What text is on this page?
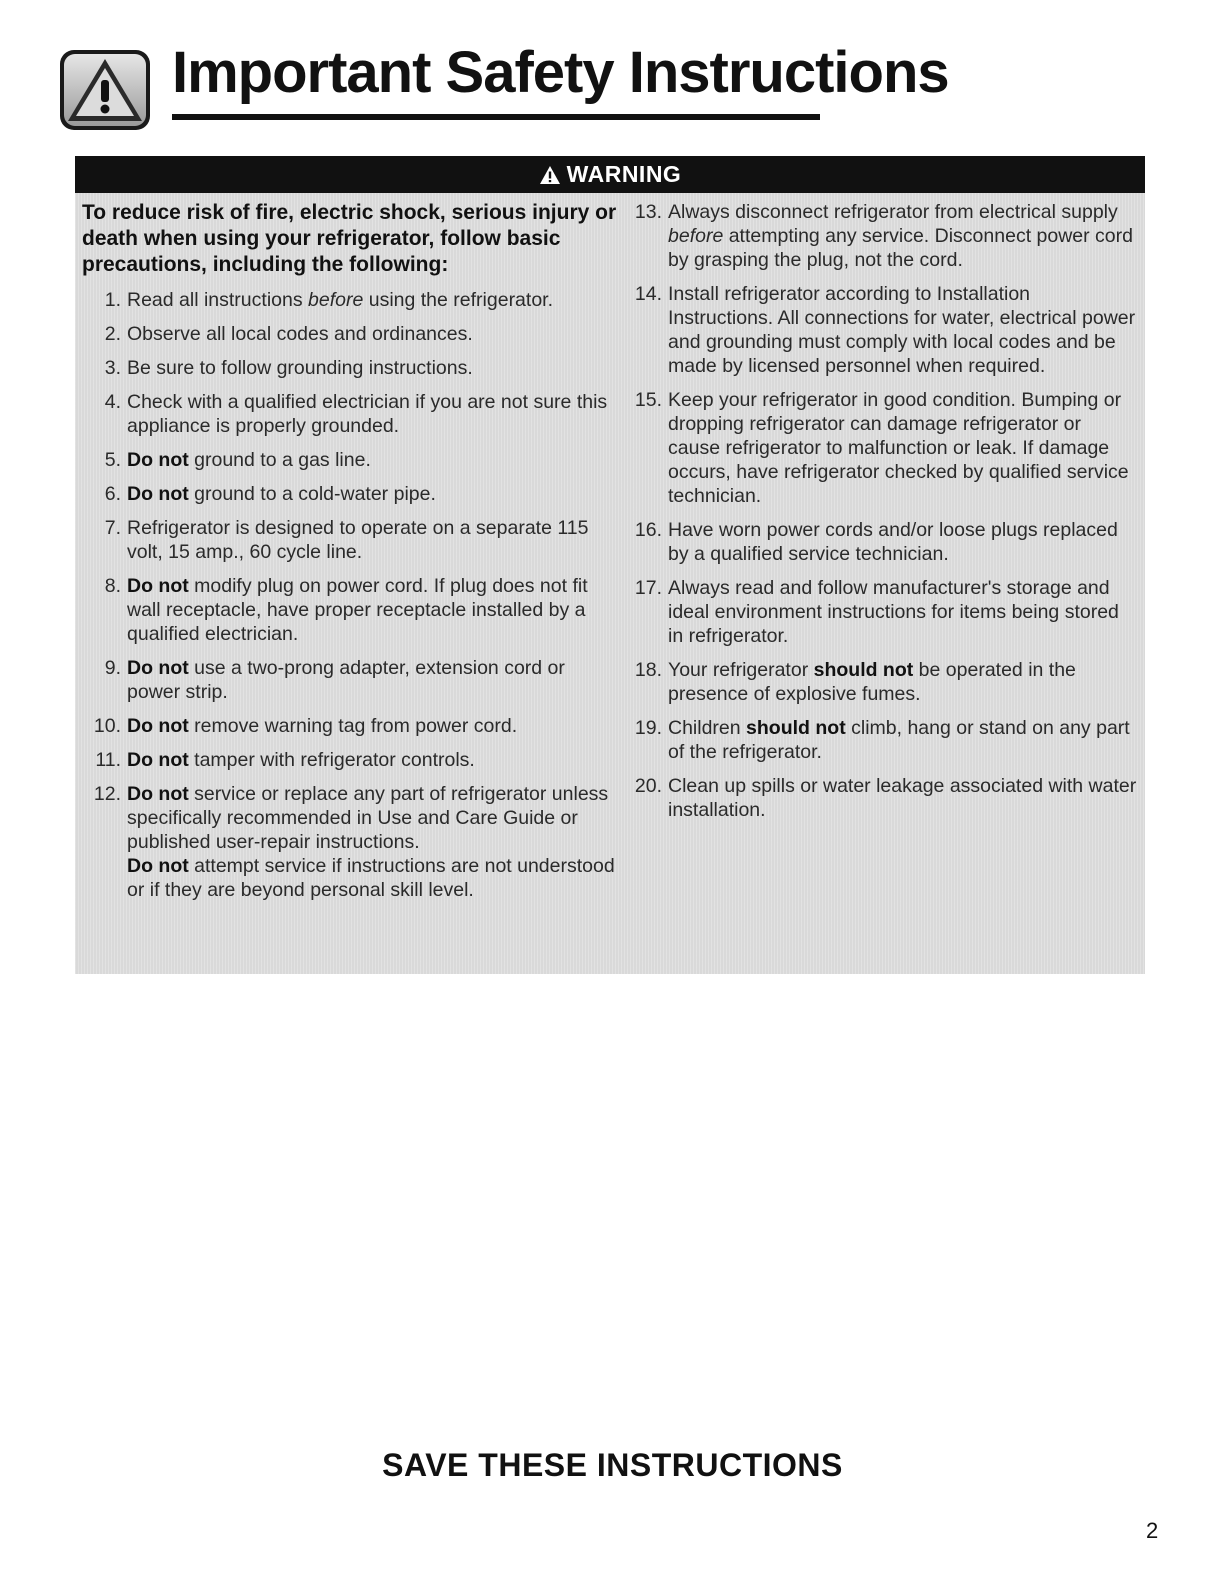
Important Safety Instructions
WARNING

To reduce risk of fire, electric shock, serious injury or death when using your refrigerator, follow basic precautions, including the following:

1. Read all instructions before using the refrigerator.
2. Observe all local codes and ordinances.
3. Be sure to follow grounding instructions.
4. Check with a qualified electrician if you are not sure this appliance is properly grounded.
5. Do not ground to a gas line.
6. Do not ground to a cold-water pipe.
7. Refrigerator is designed to operate on a separate 115 volt, 15 amp., 60 cycle line.
8. Do not modify plug on power cord. If plug does not fit wall receptacle, have proper receptacle installed by a qualified electrician.
9. Do not use a two-prong adapter, extension cord or power strip.
10. Do not remove warning tag from power cord.
11. Do not tamper with refrigerator controls.
12. Do not service or replace any part of refrigerator unless specifically recommended in Use and Care Guide or published user-repair instructions.
Do not attempt service if instructions are not understood or if they are beyond personal skill level.
13. Always disconnect refrigerator from electrical supply before attempting any service. Disconnect power cord by grasping the plug, not the cord.
14. Install refrigerator according to Installation Instructions. All connections for water, electrical power and grounding must comply with local codes and be made by licensed personnel when required.
15. Keep your refrigerator in good condition. Bumping or dropping refrigerator can damage refrigerator or cause refrigerator to malfunction or leak. If damage occurs, have refrigerator checked by qualified service technician.
16. Have worn power cords and/or loose plugs replaced by a qualified service technician.
17. Always read and follow manufacturer's storage and ideal environment instructions for items being stored in refrigerator.
18. Your refrigerator should not be operated in the presence of explosive fumes.
19. Children should not climb, hang or stand on any part of the refrigerator.
20. Clean up spills or water leakage associated with water installation.
SAVE THESE INSTRUCTIONS
2
